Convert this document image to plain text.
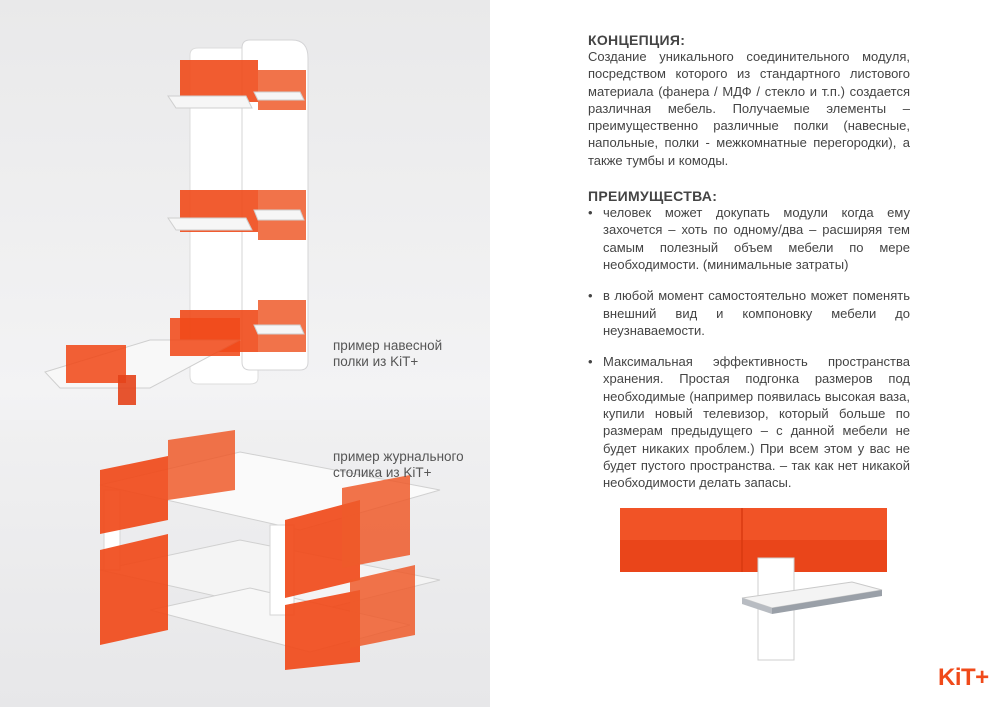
пример навесной
полки из KiT+
пример журнального
столика из KiT+

КОНЦЕПЦИЯ:

Создание уникального соединительного модуля, посредством которого из стандартного листового материала (фанера / МДФ / стекло и т.п.) создается различная мебель. Получаемые элементы – преимущественно различные полки (навесные, напольные, полки - межкомнатные перегородки), а также тумбы и комоды.

ПРЕИМУЩЕСТВА:

• человек может докупать модули когда ему захочется – хоть по одному/два – расширяя тем самым полезный объем мебели по мере необходимости. (минимальные затраты)
• в любой момент самостоятельно может поменять внешний вид и компоновку мебели до неузнаваемости.
• Максимальная эффективность пространства хранения. Простая подгонка размеров под необходимые (например появилась высокая ваза, купили новый телевизор, который больше по размерам предыдущего – с данной мебели не будет никаких проблем.) При всем этом у вас не будет пустого пространства. – так как нет никакой необходимости делать запасы.
KiT+
